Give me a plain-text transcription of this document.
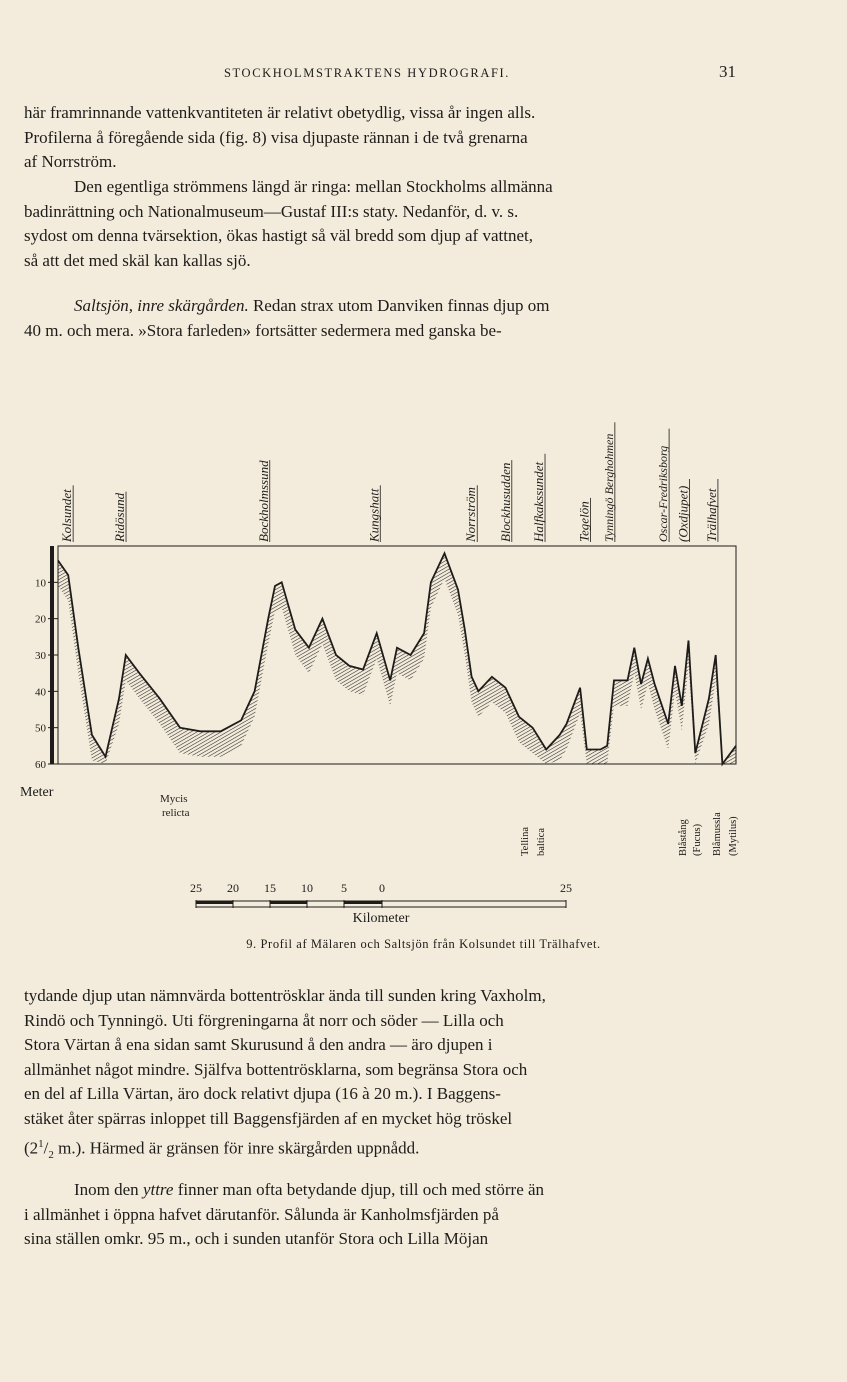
STOCKHOLMSTRAKTENS HYDROGRAFI.	31

här framrinnande vattenkvantiteten är relativt obetydlig, vissa år ingen alls.
Profilerna å föregående sida (fig. 8) visa djupaste rännan i de två grenarna
af Norrström.

Den egentliga strömmens längd är ringa: mellan Stockholms allmänna
badinrättning och Nationalmuseum—Gustaf III:s staty. Nedanför, d. v. s.
sydost om denna tvärsektion, ökas hastigt så väl bredd som djup af vattnet,
så att det med skäl kan kallas sjö.

Saltsjön, inre skärgården. Redan strax utom Danviken finnas djup om
40 m. och mera. »Stora farleden» fortsätter sedermera med ganska be-

10
20
30
40
50
60
Meter
Kolsundet	Ridösund	Bockholmssund	Kungshatt	Norrström Blockhusudden Halfkakssundet Tegelön Tynningö Berghohmen	Oscar-Fredriksborg (Oxdjupet) Trälhafvet
Mycis
relicta
Tellina baltica	Blåstång (Fucus) Blåmussla (Mytilus)
25 20 15 10 5	0	25
Kilometer
9. Profil af Mälaren och Saltsjön från Kolsundet till Trälhafvet.

tydande djup utan nämnvärda bottentrösklar ända till sunden kring Vaxholm,
Rindö och Tynningö. Uti förgreningarna åt norr och söder — Lilla och
Stora Värtan å ena sidan samt Skurusund å den andra — äro djupen i
allmänhet något mindre. Själfva bottentrösklarna, som begränsa Stora och
en del af Lilla Värtan, äro dock relativt djupa (16 à 20 m.). I Baggens-
stäket åter spärras inloppet till Baggensfjärden af en mycket hög tröskel
($2^1/_2$ m.). Härmed är gränsen för inre skärgården uppnådd.

Inom den yttre finner man ofta betydande djup, till och med större än
i allmänhet i öppna hafvet därutanför. Sålunda är Kanholmsfjärden på
sina ställen omkr. 95 m., och i sunden utanför Stora och Lilla Möjan
